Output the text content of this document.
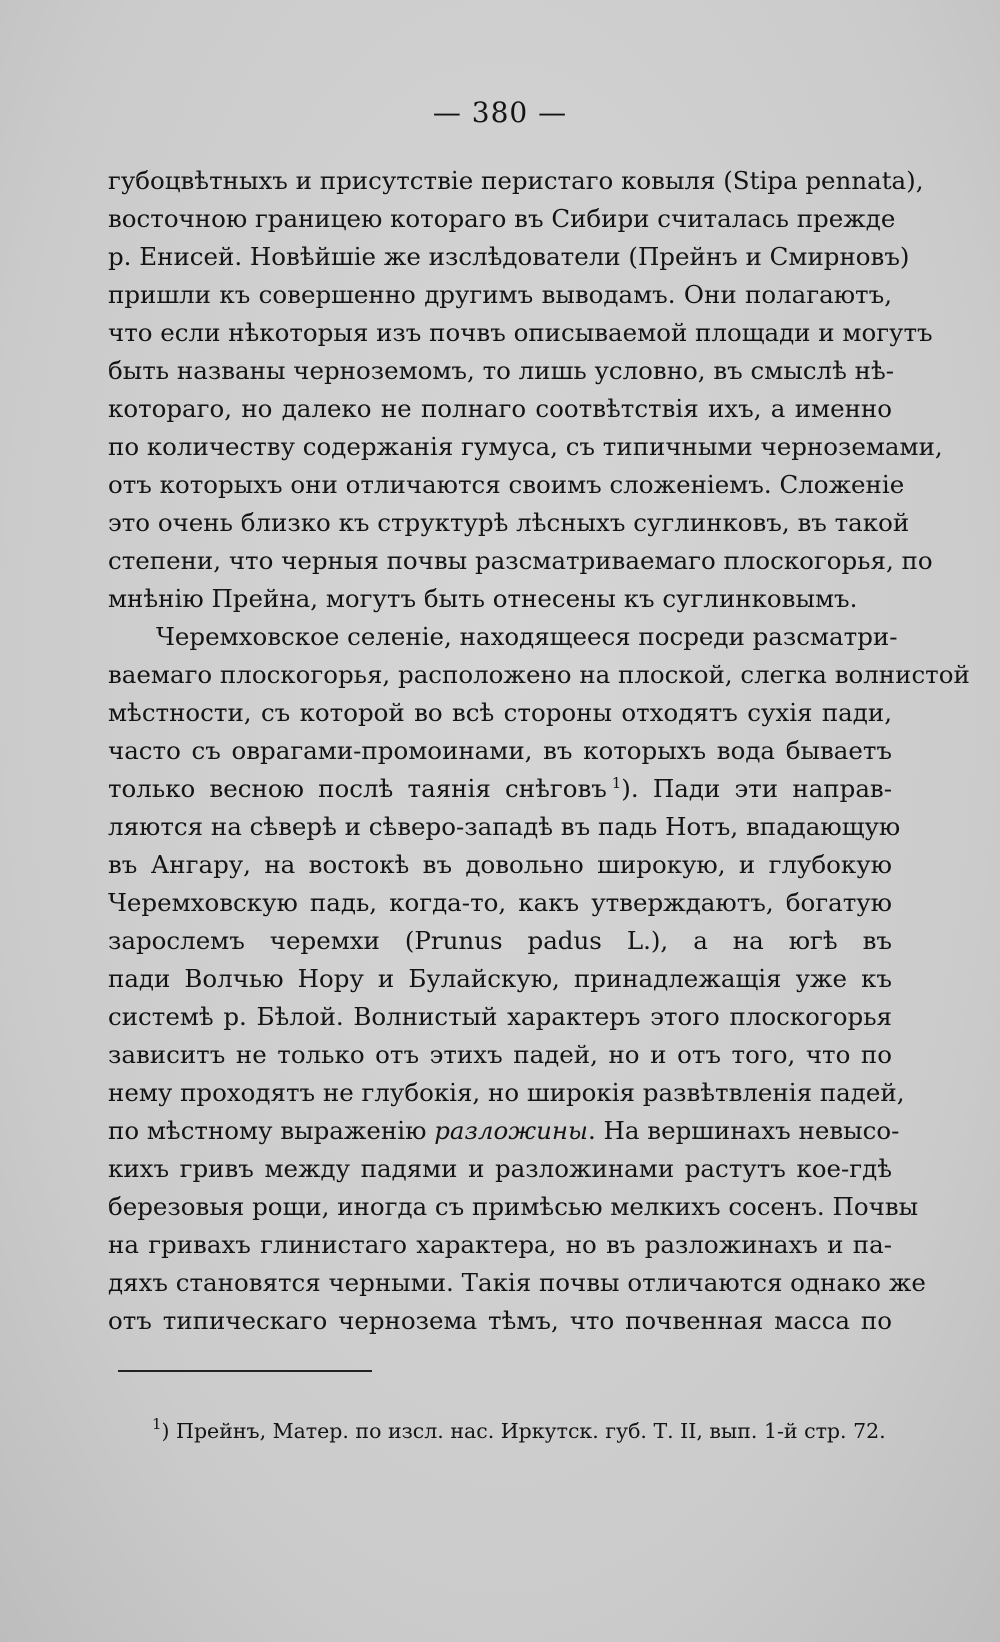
— 380 —
губоцвѣтныхъ и присутствіе перистаго ковыля (Stipa pennata),
восточною границею котораго въ Сибири считалась прежде
р. Енисей. Новѣйшіе же изслѣдователи (Прейнъ и Смирновъ)
пришли къ совершенно другимъ выводамъ. Они полагаютъ,
что если нѣкоторыя изъ почвъ описываемой площади и могутъ
быть названы черноземомъ, то лишь условно, въ смыслѣ нѣ-
котораго, но далеко не полнаго соотвѣтствія ихъ, а именно
по количеству содержанія гумуса, съ типичными черноземами,
отъ которыхъ они отличаются своимъ сложеніемъ. Сложеніе
это очень близко къ структурѣ лѣсныхъ суглинковъ, въ такой
степени, что черныя почвы разсматриваемаго плоскогорья, по
мнѣнію Прейна, могутъ быть отнесены къ суглинковымъ.
Черемховское селеніе, находящееся посреди разсматри-
ваемаго плоскогорья, расположено на плоской, слегка волнистой
мѣстности, съ которой во всѣ стороны отходятъ сухія пади,
часто съ оврагами-промоинами, въ которыхъ вода бываетъ
только весною послѣ таянія снѣговъ  $^1$). Пади эти направ-
ляются на сѣверѣ и сѣверо-западѣ въ падь Нотъ, впадающую
въ Ангару, на востокѣ въ довольно широкую, и глубокую
Черемховскую падь, когда-то, какъ утверждаютъ, богатую
зарослемъ черемхи (Prunus padus L.), а на югѣ въ
пади Волчью Нору и Булайскую, принадлежащія уже къ
системѣ р. Бѣлой. Волнистый характеръ этого плоскогорья
зависитъ не только отъ этихъ падей, но и отъ того, что по
нему проходятъ не глубокія, но широкія развѣтвленія падей,
по мѣстному выраженію разложины. На вершинахъ невысо-
кихъ гривъ между падями и разложинами растутъ кое-гдѣ
березовыя рощи, иногда съ примѣсью мелкихъ сосенъ. Почвы
на гривахъ глинистаго характера, но въ разложинахъ и па-
дяхъ становятся черными. Такія почвы отличаются однако же
отъ типическаго чернозема тѣмъ, что почвенная масса по
$^1$) Прейнъ, Матер. по изсл. нас. Иркутск. губ. Т. II, вып. 1-й стр. 72.
